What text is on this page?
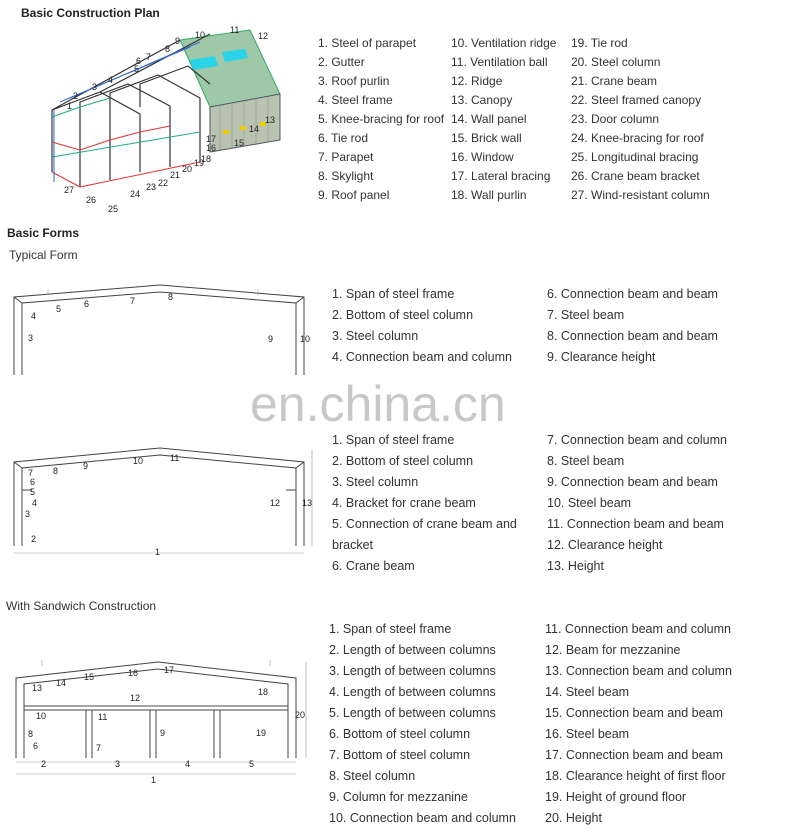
Basic Construction Plan
1
2
3
4
5
6 7
8
9
10	11
12
13
14
15
16
17
18
19
20
21
22
23
24
25
26
27
1. Steel of parapet
2. Gutter
3. Roof purlin
4. Steel frame
5. Knee-bracing for roof
6. Tie rod
7. Parapet
8. Skylight
9. Roof panel
10. Ventilation ridge
11. Ventilation ball
12. Ridge
13. Canopy
14. Wall panel
15. Brick wall
16. Window
17. Lateral bracing
18. Wall purlin
19. Tie rod
20. Steel column
21. Crane beam
22. Steel framed canopy
23. Door column
24. Knee-bracing for roof
25. Longitudinal bracing
26. Crane beam bracket
27. Wind-resistant column
Basic Forms
Typical Form
3
4
5	6	7	8
9	10
1. Span of steel frame
2. Bottom of steel column
3. Steel column
4. Connection beam and column
6. Connection beam and beam
7. Steel beam
8. Connection beam and beam
9. Clearance height
en.china.cn
7
6
5
4
8	9	10	11
3
2
1
12 13
1. Span of steel frame
2. Bottom of steel column
3. Steel column
4. Bracket for crane beam
5. Connection of crane beam and
bracket
6. Crane beam
7. Connection beam and column
8. Steel beam
9. Connection beam and beam
10. Steel beam
11. Connection beam and beam
12. Clearance height
13. Height
With Sandwich Construction
13 14
15	16	17
18
12
10	11
9	19
20
8
6	7
2	3	4	5
1
1. Span of steel frame
2. Length of between columns
3. Length of between columns
4. Length of between columns
5. Length of between columns
6. Bottom of steel column
7. Bottom of steel column
8. Steel column
9. Column for mezzanine
10. Connection beam and column
11. Connection beam and column
12. Beam for mezzanine
13. Connection beam and column
14. Steel beam
15. Connection beam and beam
16. Steel beam
17. Connection beam and beam
18. Clearance height of first floor
19. Height of ground floor
20. Height
